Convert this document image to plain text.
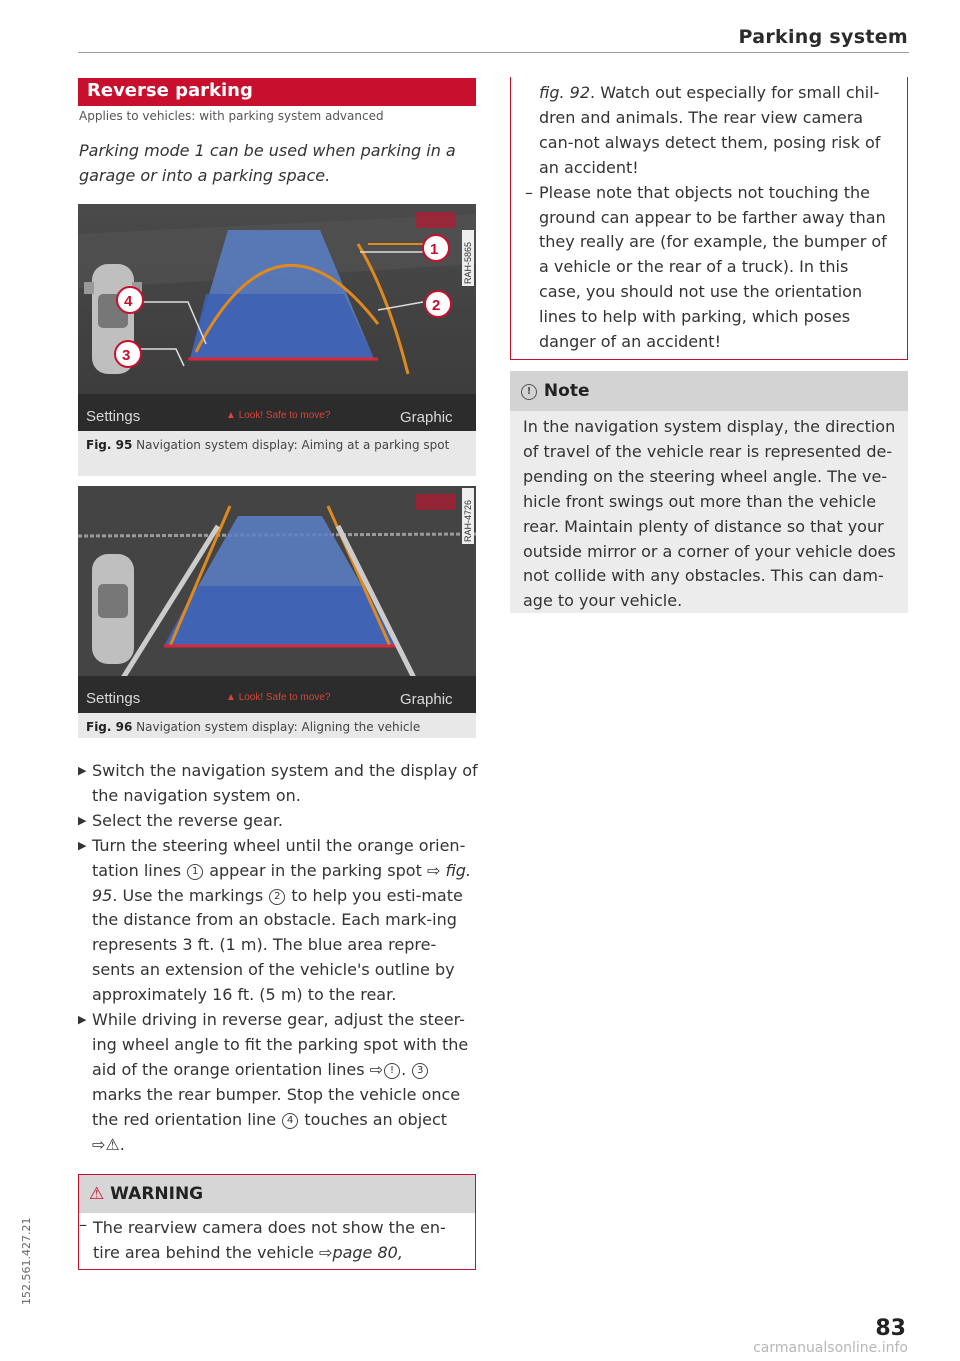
Parking system
Reverse parking
Applies to vehicles: with parking system advanced
Parking mode 1 can be used when parking in a garage or into a parking space.
Settings	▲ Look! Safe to move?	Graphic
1
2
3
4
RAH-5865
Fig. 95 Navigation system display: Aiming at a parking spot
Settings	▲ Look! Safe to move?	Graphic
RAH-4726
Fig. 96 Navigation system display: Aligning the vehicle
▶ Switch the navigation system and the display of the navigation system on.
▶ Select the reverse gear.
▶ Turn the steering wheel until the orange orien-tation lines 1 appear in the parking spot ⇨ fig. 95. Use the markings 2 to help you esti-mate the distance from an obstacle. Each mark-ing represents 3 ft. (1 m). The blue area repre-sents an extension of the vehicle's outline by approximately 16 ft. (5 m) to the rear.
▶ While driving in reverse gear, adjust the steer-ing wheel angle to fit the parking spot with the aid of the orange orientation lines ⇨ ! . 3 marks the rear bumper. Stop the vehicle once the red orientation line 4 touches an object ⇨⚠.
⚠ WARNING
– The rearview camera does not show the en-tire area behind the vehicle ⇨page 80,
fig. 92. Watch out especially for small chil-dren and animals. The rear view camera can-not always detect them, posing risk of an accident!
– Please note that objects not touching the ground can appear to be farther away than they really are (for example, the bumper of a vehicle or the rear of a truck). In this case, you should not use the orientation lines to help with parking, which poses danger of an accident!
! Note
In the navigation system display, the direction of travel of the vehicle rear is represented de-pending on the steering wheel angle. The ve-hicle front swings out more than the vehicle rear. Maintain plenty of distance so that your outside mirror or a corner of your vehicle does not collide with any obstacles. This can dam-age to your vehicle.
83
152.561.427.21
carmanualsonline.info
